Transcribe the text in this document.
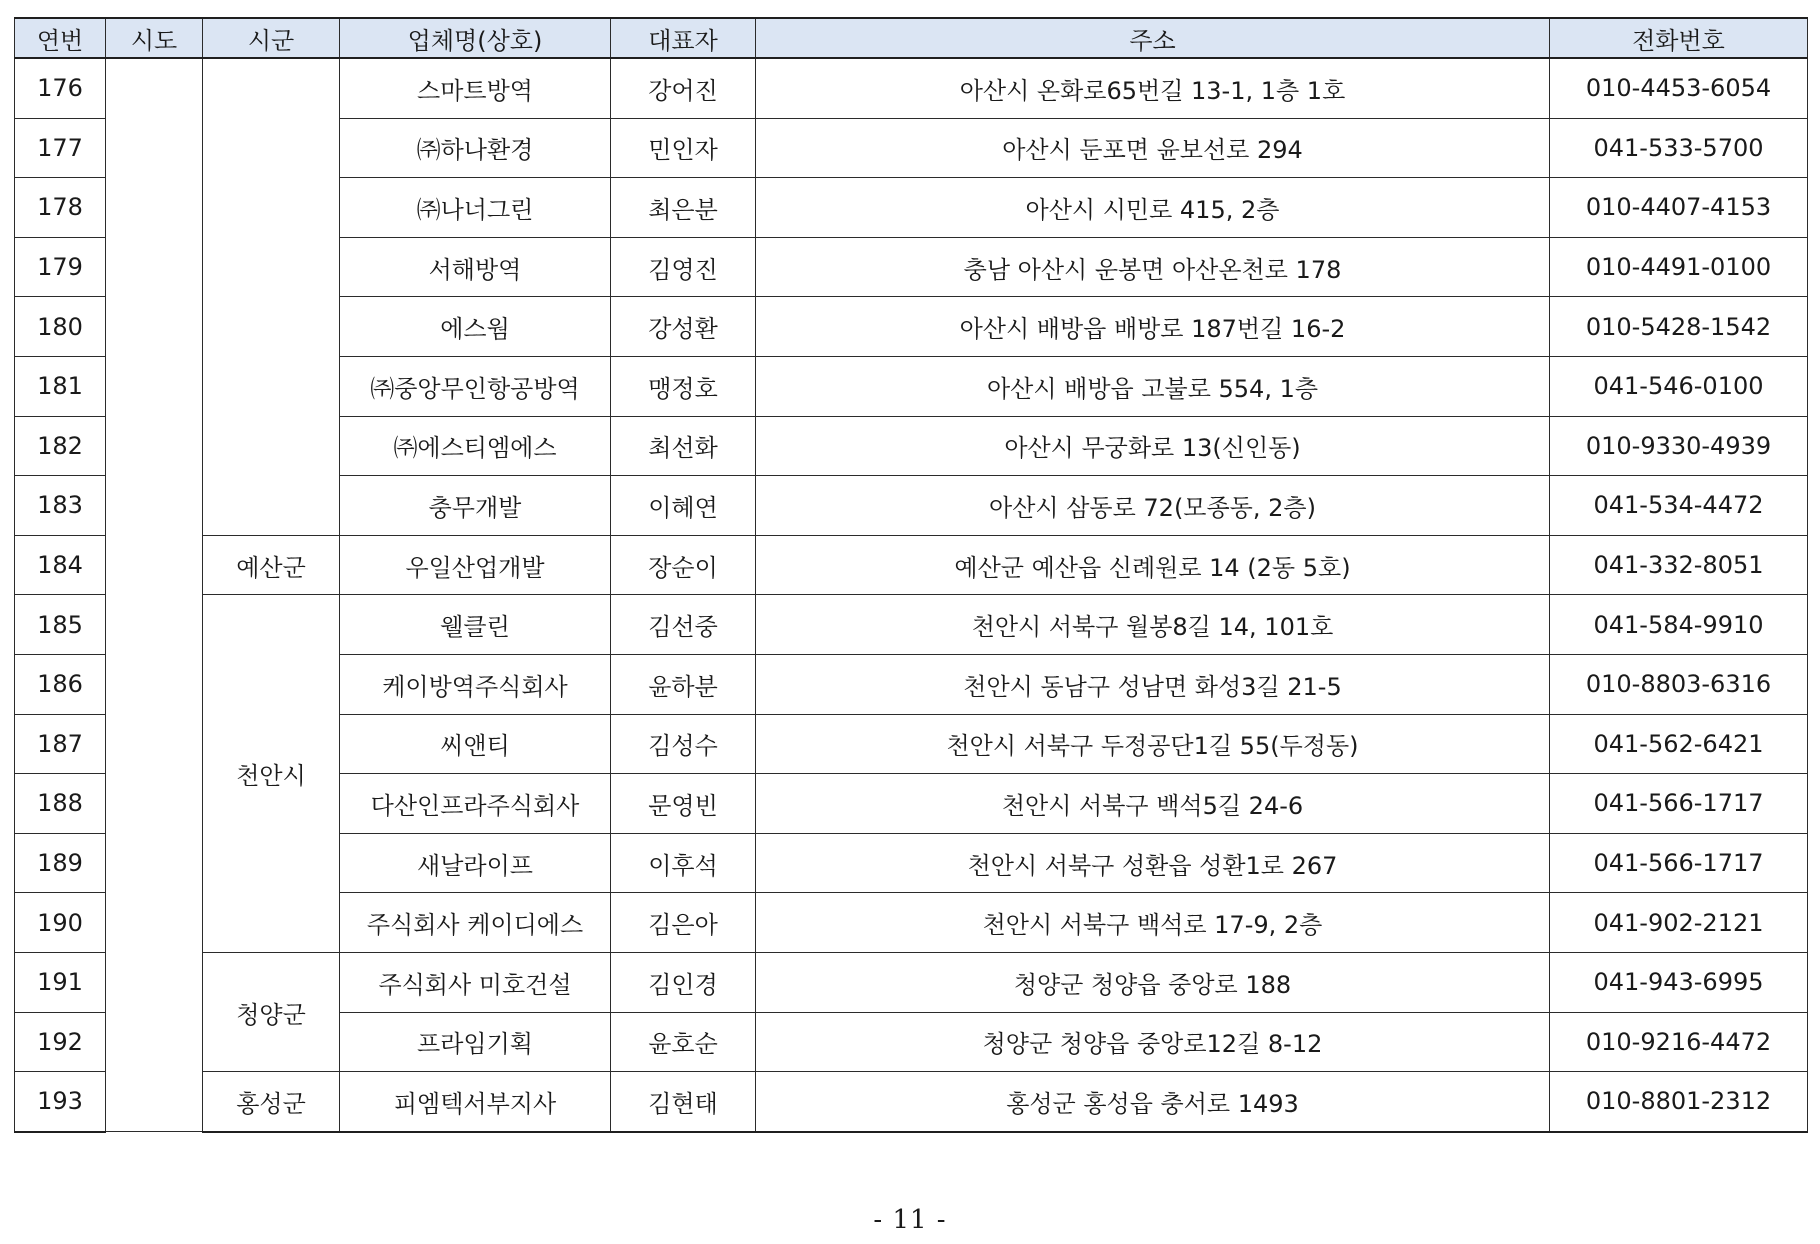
연번	시도	시군	업체명(상호)	대표자	주소	전화번호
176			스마트방역	강어진	아산시 온화로65번길 13-1, 1층 1호	010-4453-6054
177			㈜하나환경	민인자	아산시 둔포면 윤보선로 294	041-533-5700
178			㈜나너그린	최은분	아산시 시민로 415, 2층	010-4407-4153
179			서해방역	김영진	충남 아산시 운봉면 아산온천로 178	010-4491-0100
180			에스웜	강성환	아산시 배방읍 배방로 187번길 16-2	010-5428-1542
181			㈜중앙무인항공방역	맹정호	아산시 배방읍 고불로 554, 1층	041-546-0100
182			㈜에스티엠에스	최선화	아산시 무궁화로 13(신인동)	010-9330-4939
183			충무개발	이혜연	아산시 삼동로 72(모종동, 2층)	041-534-4472
184		예산군	우일산업개발	장순이	예산군 예산읍 신례원로 14 (2동 5호)	041-332-8051
185		천안시	웰클린	김선중	천안시 서북구 월봉8길 14, 101호	041-584-9910
186			케이방역주식회사	윤하분	천안시 동남구 성남면 화성3길 21-5	010-8803-6316
187			씨앤티	김성수	천안시 서북구 두정공단1길 55(두정동)	041-562-6421
188			다산인프라주식회사	문영빈	천안시 서북구 백석5길 24-6	041-566-1717
189			새날라이프	이후석	천안시 서북구 성환읍 성환1로 267	041-566-1717
190			주식회사 케이디에스	김은아	천안시 서북구 백석로 17-9, 2층	041-902-2121
191		청양군	주식회사 미호건설	김인경	청양군 청양읍 중앙로 188	041-943-6995
192			프라임기획	윤호순	청양군 청양읍 중앙로12길 8-12	010-9216-4472
193		홍성군	피엠텍서부지사	김현태	홍성군 홍성읍 충서로 1493	010-8801-2312
- 11 -
